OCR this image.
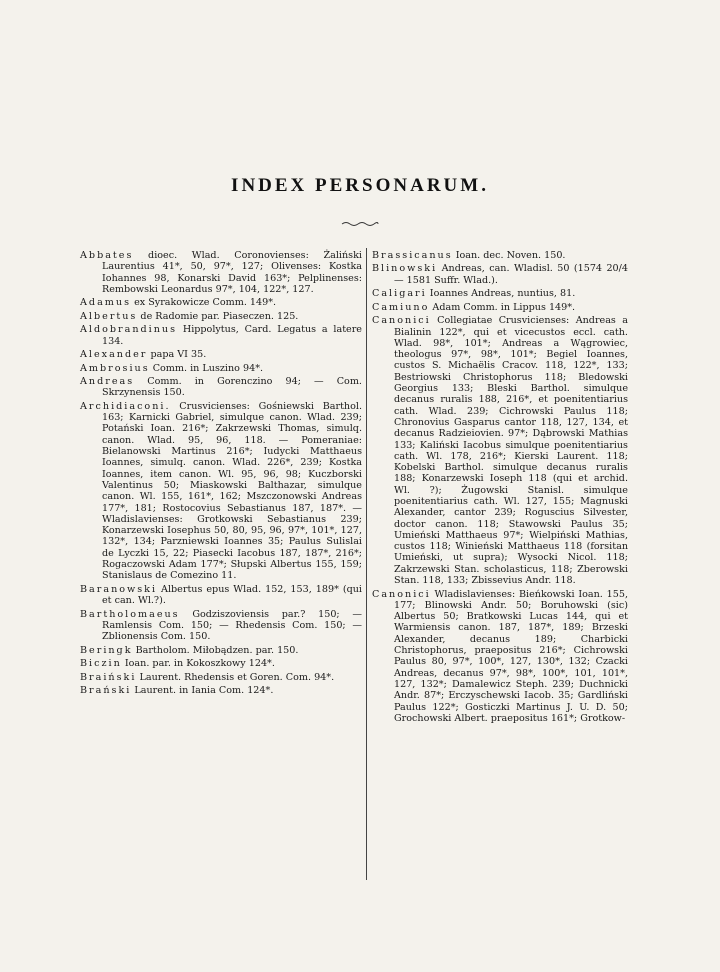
INDEX PERSONARUM.

Abbates dioec. Wlad. Coronovienses: Żaliński Laurentius 41*, 50, 97*, 127; Olivenses: Kostka Iohannes 98, Konarski David 163*; Pelplinenses: Rembowski Leonardus 97*, 104, 122*, 127.

Adamus ex Syrakowicze Comm. 149*.

Albertus de Radomie par. Piaseczen. 125.

Aldobrandinus Hippolytus, Card. Legatus a latere 134.

Alexander papa VI 35.

Ambrosius Comm. in Luszino 94*.

Andreas Comm. in Gorenczino 94; — Com. Skrzynensis 150.

Archidiaconi. Crusvicienses: Gośniewski Barthol. 163; Karnicki Gabriel, simulque canon. Wlad. 239; Potański Ioan. 216*; Zakrzewski Thomas, simulq. canon. Wlad. 95, 96, 118. — Pomeraniae: Bielanowski Martinus 216*; Iudycki Matthaeus Ioannes, simulq. canon. Wlad. 226*, 239; Kostka Ioannes, item canon. Wl. 95, 96, 98; Kuczborski Valentinus 50; Miaskowski Balthazar, simulque canon. Wl. 155, 161*, 162; Mszczonowski Andreas 177*, 181; Rostocovius Sebastianus 187, 187*. — Wladislavienses: Grotkowski Sebastianus 239; Konarzewski Iosephus 50, 80, 95, 96, 97*, 101*, 127, 132*, 134; Parzniewski Ioannes 35; Paulus Sulislai de Lyczki 15, 22; Piasecki Iacobus 187, 187*, 216*; Rogaczowski Adam 177*; Słupski Albertus 155, 159; Stanislaus de Comezino 11.

Baranowski Albertus epus Wlad. 152, 153, 189* (qui et can. Wl.?).

Bartholomaeus Godziszoviensis par.? 150; — Ramlensis Com. 150; — Rhedensis Com. 150; — Zblionensis Com. 150.

Beringk Bartholom. Miłobądzen. par. 150.

Biczin Ioan. par. in Kokoszkowy 124*.

Braiński Laurent. Rhedensis et Goren. Com. 94*.

Brański Laurent. in Iania Com. 124*.

Brassicanus Ioan. dec. Noven. 150.

Blinowski Andreas, can. Wladisl. 50 (1574 20/4 — 1581 Suffr. Wlad.).

Caligari Ioannes Andreas, nuntius, 81.

Camiuno Adam Comm. in Lippus 149*.

Canonici Collegiatae Crusvicienses: Andreas a Bialinin 122*, qui et vicecustos eccl. cath. Wlad. 98*, 101*; Andreas a Wągrowiec, theologus 97*, 98*, 101*; Begiel Ioannes, custos S. Michaëlis Cracov. 118, 122*, 133; Bestriowski Christophorus 118; Bledowski Georgius 133; Bleski Barthol. simulque decanus ruralis 188, 216*, et poenitentiarius cath. Wlad. 239; Cichrowski Paulus 118; Chronovius Gasparus cantor 118, 127, 134, et decanus Radzieiovien. 97*; Dąbrowski Mathias 133; Kaliński Iacobus simulque poenitentiarius cath. Wl. 178, 216*; Kierski Laurent. 118; Kobelski Barthol. simulque decanus ruralis 188; Konarzewski Ioseph 118 (qui et archid. Wl. ?); Żugowski Stanisl. simulque poenitentiarius cath. Wl. 127, 155; Magnuski Alexander, cantor 239; Roguscius Silvester, doctor canon. 118; Stawowski Paulus 35; Umieński Matthaeus 97*; Wielpiński Mathias, custos 118; Winieński Matthaeus 118 (forsitan Umieński, ut supra); Wysocki Nicol. 118; Zakrzewski Stan. scholasticus, 118; Zberowski Stan. 118, 133; Zbissevius Andr. 118.

Canonici Wladislavienses: Bieńkowski Ioan. 155, 177; Blinowski Andr. 50; Boruhowski (sic) Albertus 50; Bratkowski Lucas 144, qui et Warmiensis canon. 187, 187*, 189; Brzeski Alexander, decanus 189; Charbicki Christophorus, praepositus 216*; Cichrowski Paulus 80, 97*, 100*, 127, 130*, 132; Czacki Andreas, decanus 97*, 98*, 100*, 101, 101*, 127, 132*; Damalewicz Steph. 239; Duchnicki Andr. 87*; Erczyschewski Iacob. 35; Gardliński Paulus 122*; Gosticzki Martinus J. U. D. 50; Grochowski Albert. praepositus 161*; Grotkow-
